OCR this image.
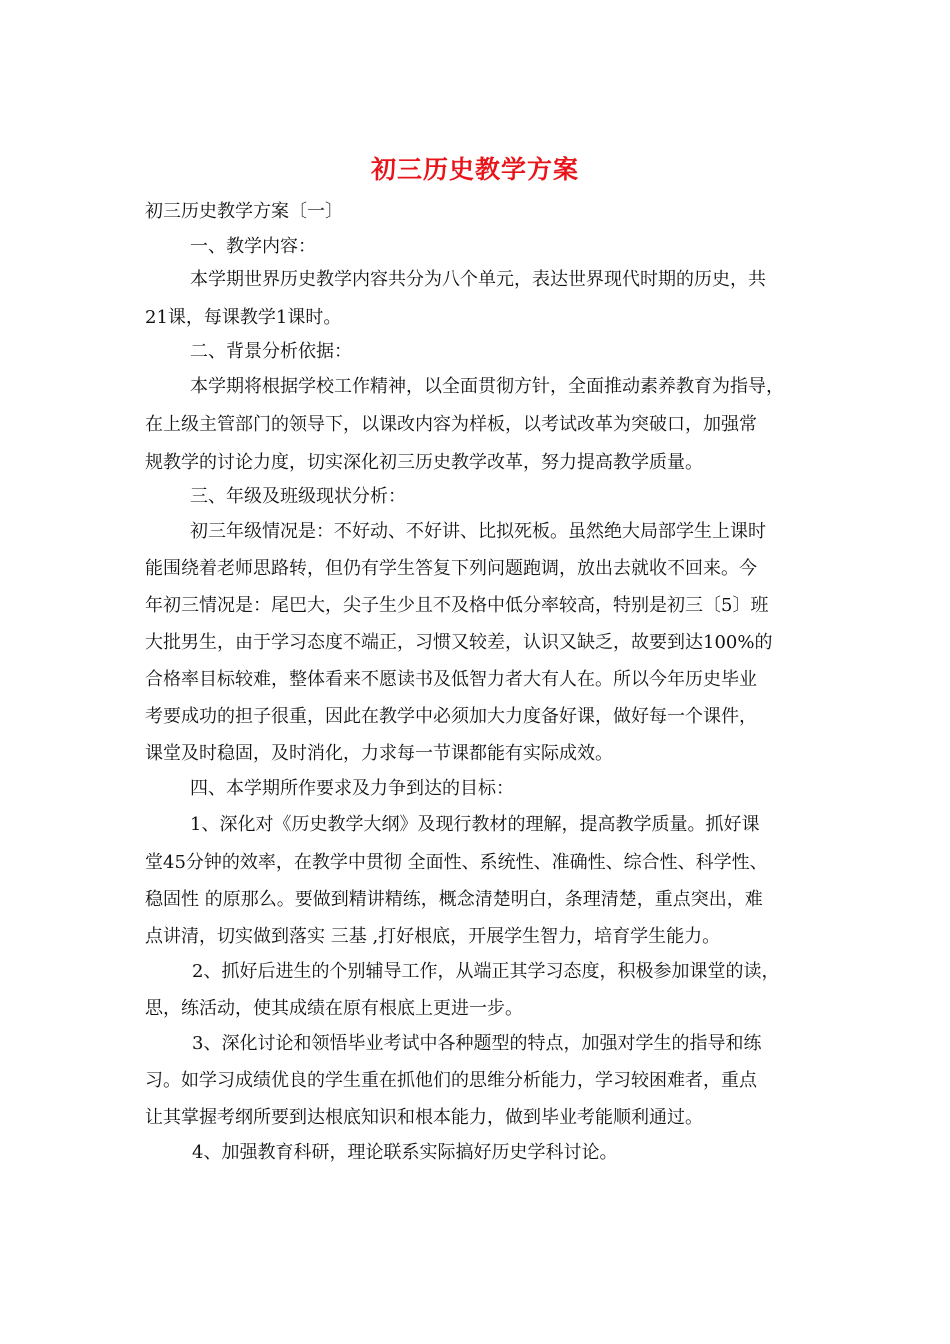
初三历史教学方案
初三历史教学方案〔一〕
一、教学内容：
本学期世界历史教学内容共分为八个单元，表达世界现代时期的历史，共
21课，每课教学1课时。
二、背景分析依据：
本学期将根据学校工作精神，以全面贯彻方针，全面推动素养教育为指导，
在上级主管部门的领导下，以课改内容为样板，以考试改革为突破口，加强常
规教学的讨论力度，切实深化初三历史教学改革，努力提高教学质量。
三、年级及班级现状分析：
初三年级情况是：不好动、不好讲、比拟死板。虽然绝大局部学生上课时
能围绕着老师思路转，但仍有学生答复下列问题跑调，放出去就收不回来。今
年初三情况是：尾巴大，尖子生少且不及格中低分率较高，特别是初三〔5〕班
大批男生，由于学习态度不端正，习惯又较差，认识又缺乏，故要到达100%的
合格率目标较难，整体看来不愿读书及低智力者大有人在。所以今年历史毕业
考要成功的担子很重，因此在教学中必须加大力度备好课，做好每一个课件，
课堂及时稳固，及时消化，力求每一节课都能有实际成效。
四、本学期所作要求及力争到达的目标：
1、深化对《历史教学大纲》及现行教材的理解，提高教学质量。抓好课
堂45分钟的效率，在教学中贯彻 全面性、系统性、准确性、综合性、科学性、
稳固性 的原那么。要做到精讲精练，概念清楚明白，条理清楚，重点突出，难
点讲清，切实做到落实 三基 ,打好根底，开展学生智力，培育学生能力。
2、抓好后进生的个别辅导工作，从端正其学习态度，积极参加课堂的读，
思，练活动，使其成绩在原有根底上更进一步。
3、深化讨论和领悟毕业考试中各种题型的特点，加强对学生的指导和练
习。如学习成绩优良的学生重在抓他们的思维分析能力，学习较困难者，重点
让其掌握考纲所要到达根底知识和根本能力，做到毕业考能顺利通过。
4、加强教育科研，理论联系实际搞好历史学科讨论。
